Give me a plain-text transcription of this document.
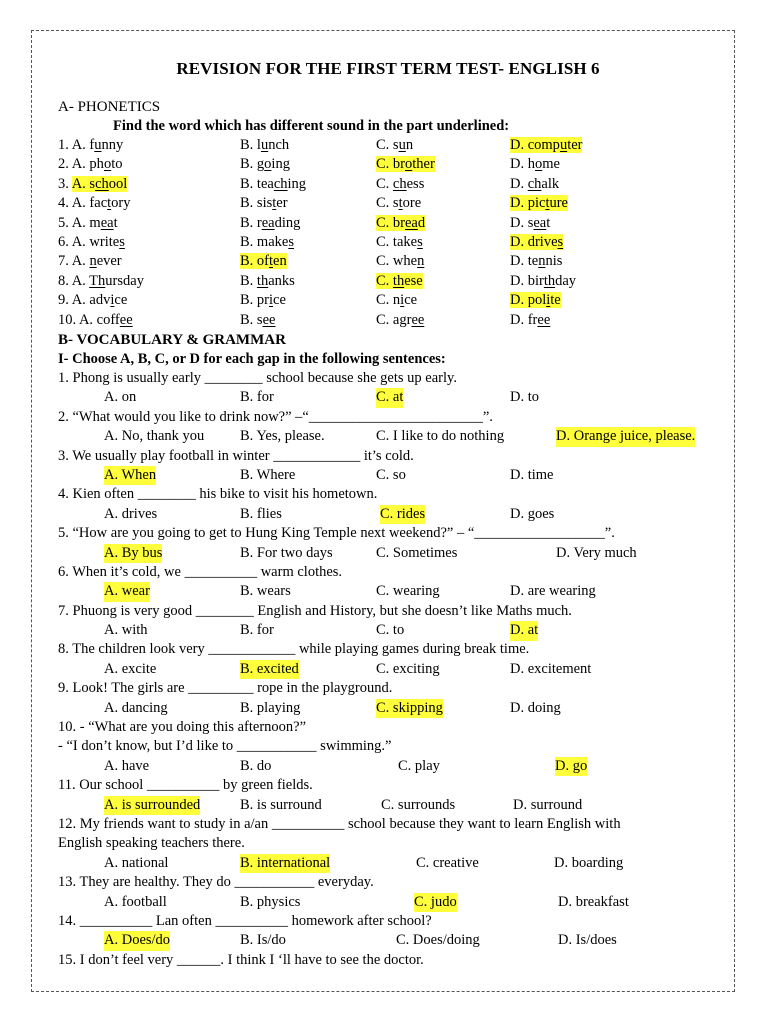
REVISION FOR THE FIRST TERM TEST- ENGLISH 6
A- PHONETICS
Find the word which has different sound in the part underlined:
1. A. funny	B. lunch	C. sun	D. computer
2. A. photo	B. going	C. brother	D. home
3. A. school	B. teaching	C. chess	D. chalk
4. A. factory	B. sister	C. store	D. picture
5. A. meat	B. reading	C. bread	D. seat
6. A. writes	B. makes	C. takes	D. drives
7. A. never	B. often	C. when	D. tennis
8. A. Thursday	B. thanks	C. these	D. birthday
9. A. advice	B. price	C. nice	D. polite
10. A. coffee	B. see	C. agree	D. free
B- VOCABULARY & GRAMMAR
I- Choose A, B, C, or D for each gap in the following sentences:
1. Phong is usually early ________ school because she gets up early.
A. on	B. for	C. at	D. to
2. “What would you like to drink now?” –“________________________”.
A. No, thank you B. Yes, please.	C. I like to do nothing	D. Orange juice, please.
3. We usually play football in winter ____________ it’s cold.
A. When	B. Where	C. so	D. time
4. Kien often ________ his bike to visit his hometown.
A. drives	B. flies	C. rides	D. goes
5. “How are you going to get to Hung King Temple next weekend?” – “__________________”.
A. By bus	B. For two days	C. Sometimes	D. Very much
6. When it’s cold, we __________ warm clothes.
A. wear	B. wears	C. wearing	D. are wearing
7. Phuong is very good ________ English and History, but she doesn’t like Maths much.
A. with	B. for	C. to	D. at
8. The children look very ____________ while playing games during break time.
A. excite	B. excited	C. exciting	D. excitement
9. Look! The girls are _________ rope in the playground.
A. dancing	B. playing	C. skipping	D. doing
10. - “What are you doing this afternoon?”
- “I don’t know, but I’d like to ___________ swimming.”
A. have	B. do	C. play	D. go
11. Our school __________ by green fields.
A. is surrounded	B. is surround	C. surrounds	D. surround
12. My friends want to study in a/an __________ school because they want to learn English with
English speaking teachers there.
A. national	B. international	C. creative	D. boarding
13. They are healthy. They do ___________ everyday.
A. football	B. physics	C. judo	D. breakfast
14. __________ Lan often __________ homework after school?
A. Does/do	B. Is/do	C. Does/doing	D. Is/does
15. I don’t feel very ______. I think I ‘ll have to see the doctor.
